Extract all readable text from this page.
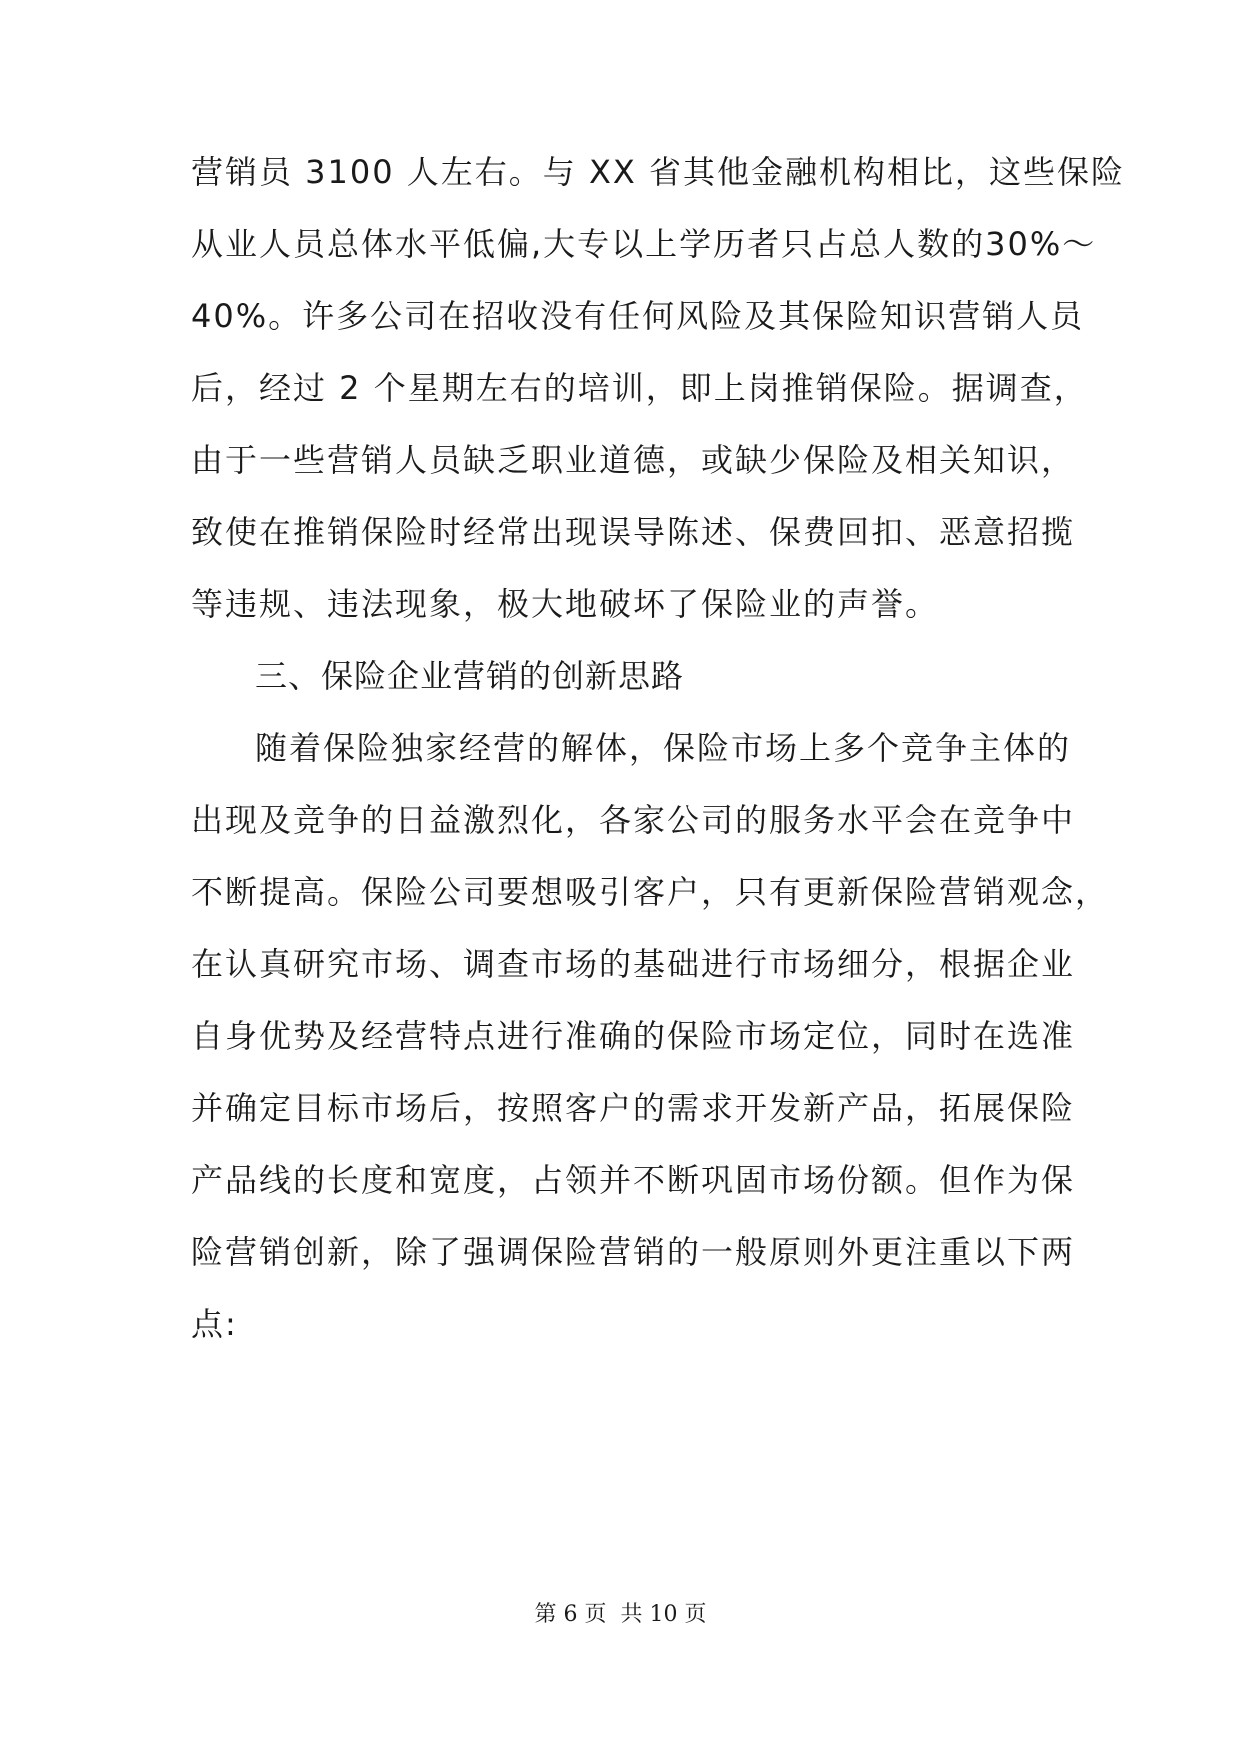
营销员 3100 人左右。与 XX 省其他金融机构相比，这些保险
从业人员总体水平低偏,大专以上学历者只占总人数的30%～
40%。许多公司在招收没有任何风险及其保险知识营销人员
后，经过 2 个星期左右的培训，即上岗推销保险。据调查，
由于一些营销人员缺乏职业道德，或缺少保险及相关知识，
致使在推销保险时经常出现误导陈述、保费回扣、恶意招揽
等违规、违法现象，极大地破坏了保险业的声誉。
三、保险企业营销的创新思路
随着保险独家经营的解体，保险市场上多个竞争主体的
出现及竞争的日益激烈化，各家公司的服务水平会在竞争中
不断提高。保险公司要想吸引客户，只有更新保险营销观念，
在认真研究市场、调查市场的基础进行市场细分，根据企业
自身优势及经营特点进行准确的保险市场定位，同时在选准
并确定目标市场后，按照客户的需求开发新产品，拓展保险
产品线的长度和宽度，占领并不断巩固市场份额。但作为保
险营销创新，除了强调保险营销的一般原则外更注重以下两
点:
第 6 页  共 10 页
